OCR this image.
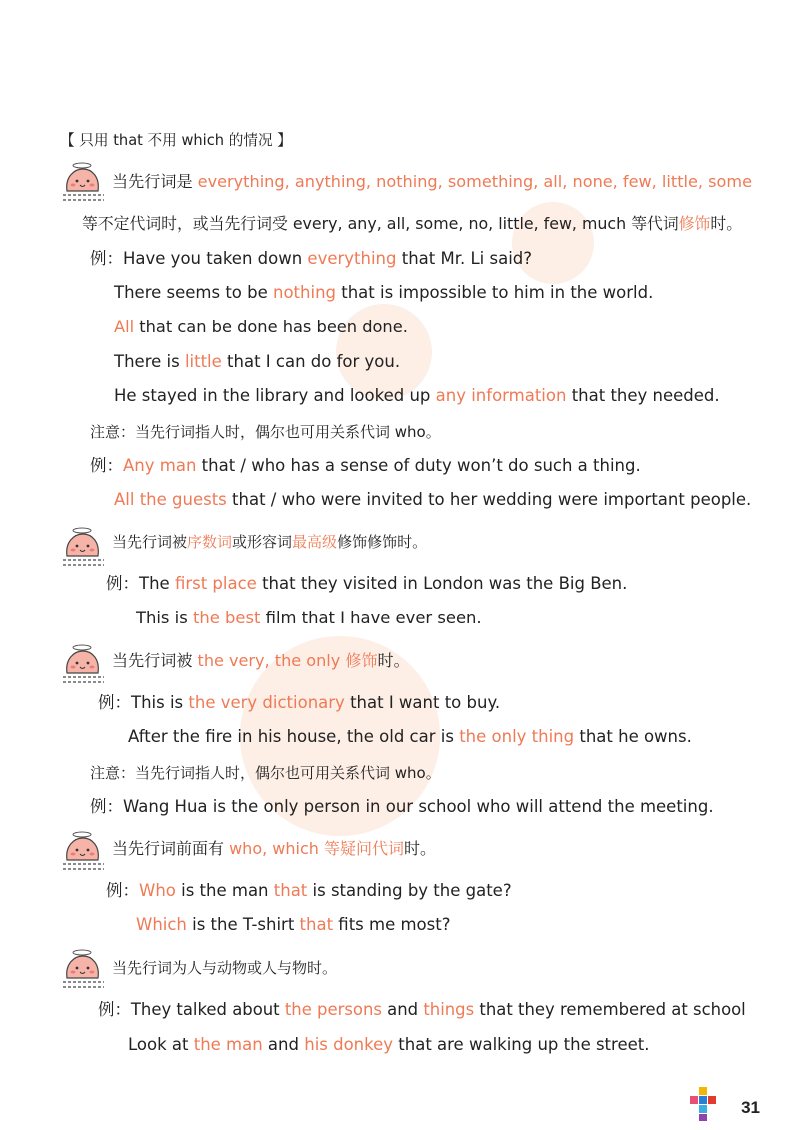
【 只用 that 不用 which 的情况 】
当先行词是 everything, anything, nothing, something, all, none, few, little, some
等不定代词时，或当先行词受 every, any, all, some, no, little, few, much 等代词修饰时。
例：Have you taken down everything that Mr. Li said?
There seems to be nothing that is impossible to him in the world.
All that can be done has been done.
There is little that I can do for you.
He stayed in the library and looked up any information that they needed.
注意：当先行词指人时，偶尔也可用关系代词 who。
例：Any man that / who has a sense of duty won’t do such a thing.
All the guests that / who were invited to her wedding were important people.
当先行词被序数词或形容词最高级修饰修饰时。
例：The first place that they visited in London was the Big Ben.
This is the best film that I have ever seen.
当先行词被 the very, the only 修饰时。
例：This is the very dictionary that I want to buy.
After the fire in his house, the old car is the only thing that he owns.
注意：当先行词指人时，偶尔也可用关系代词 who。
例：Wang Hua is the only person in our school who will attend the meeting.
当先行词前面有 who, which 等疑问代词时。
例：Who is the man that is standing by the gate?
Which is the T-shirt that fits me most?
当先行词为人与动物或人与物时。
例：They talked about the persons and things that they remembered at school
Look at the man and his donkey that are walking up the street.
31
